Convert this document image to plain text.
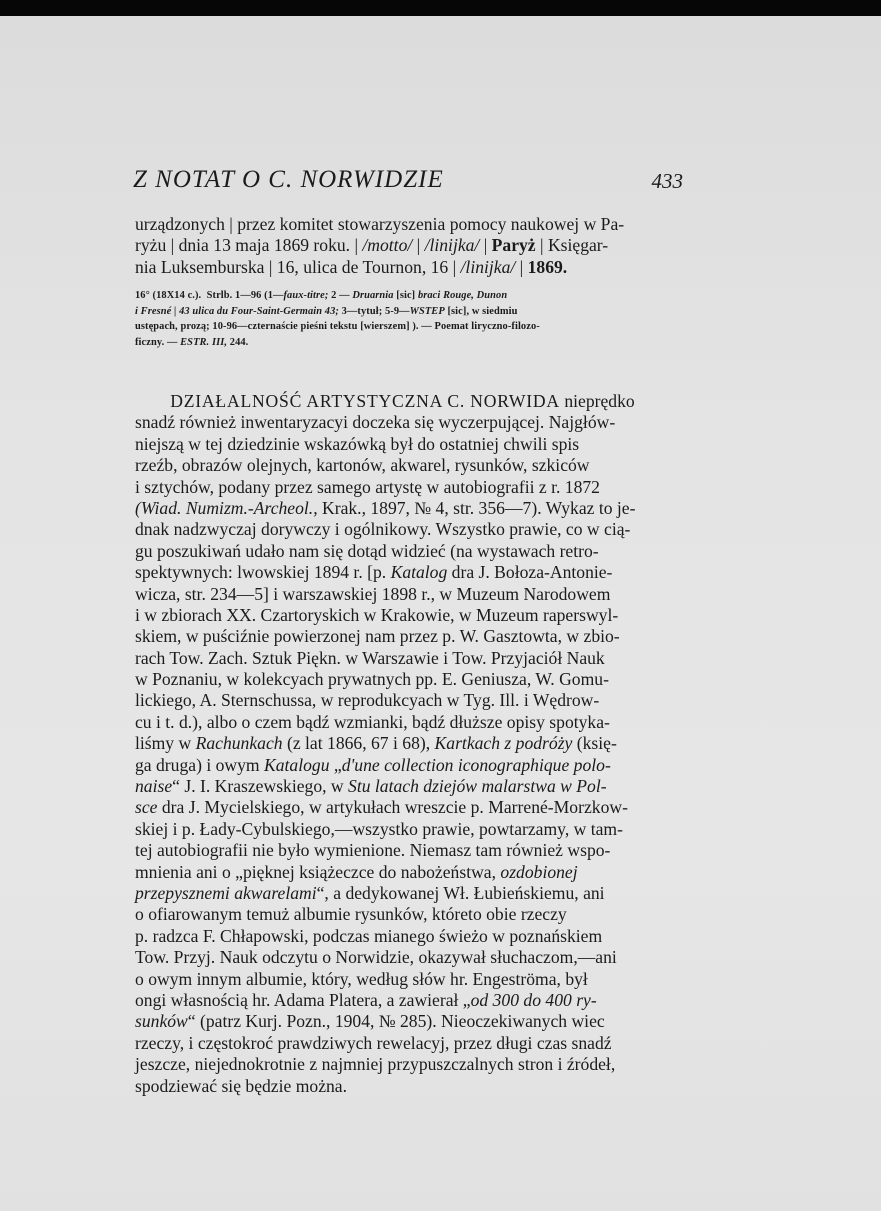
Z NOTAT O C. NORWIDZIE	433
urządzonych | przez komitet stowarzyszenia pomocy naukowej w Pa-
ryżu | dnia 13 maja 1869 roku. | /motto/ | /linijka/ | Paryż | Księgar-
nia Luksemburska | 16, ulica de Tournon, 16 | /linijka/ | 1869.
16° (18X14 c.).  Strlb. 1—96 (1—faux-titre; 2 — Druarnia [sic] braci Rouge, Dunon
i Fresné | 43 ulica du Four-Saint-Germain 43; 3—tytuł; 5-9—WSTEP [sic], w siedmiu
ustępach, prozą; 10-96—czternaście pieśni tekstu [wierszem] ). — Poemat liryczno-filozo-
ficzny. — ESTR. III, 244.
DZIAŁALNOŚĆ ARTYSTYCZNA C. NORWIDA nieprędko
snadź również inwentaryzacyi doczeka się wyczerpującej. Najgłów-
niejszą w tej dziedzinie wskazówką był do ostatniej chwili spis
rzeźb, obrazów olejnych, kartonów, akwarel, rysunków, szkiców
i sztychów, podany przez samego artystę w autobiografii z r. 1872
(Wiad. Numizm.-Archeol., Krak., 1897, № 4, str. 356—7). Wykaz to je-
dnak nadzwyczaj dorywczy i ogólnikowy. Wszystko prawie, co w cią-
gu poszukiwań udało nam się dotąd widzieć (na wystawach retro-
spektywnych: lwowskiej 1894 r. [p. Katalog dra J. Bołoza-Antonie-
wicza, str. 234—5] i warszawskiej 1898 r., w Muzeum Narodowem
i w zbiorach XX. Czartoryskich w Krakowie, w Muzeum raperswyl-
skiem, w puściźnie powierzonej nam przez p. W. Gasztowta, w zbio-
rach Tow. Zach. Sztuk Piękn. w Warszawie i Tow. Przyjaciół Nauk
w Poznaniu, w kolekcyach prywatnych pp. E. Geniusza, W. Gomu-
lickiego, A. Sternschussa, w reprodukcyach w Tyg. Ill. i Wędrow-
cu i t. d.), albo o czem bądź wzmianki, bądź dłuższe opisy spotyka-
liśmy w Rachunkach (z lat 1866, 67 i 68), Kartkach z podróży (księ-
ga druga) i owym Katalogu „d'une collection iconographique polo-
naise“ J. I. Kraszewskiego, w Stu latach dziejów malarstwa w Pol-
sce dra J. Mycielskiego, w artykułach wreszcie p. Marrené-Morzkow-
skiej i p. Łady-Cybulskiego,—wszystko prawie, powtarzamy, w tam-
tej autobiografii nie było wymienione. Niemasz tam również wspo-
mnienia ani o „pięknej książeczce do nabożeństwa, ozdobionej
przepysznemi akwarelami“, a dedykowanej Wł. Łubieńskiemu, ani
o ofiarowanym temuż albumie rysunków, któreto obie rzeczy
p. radzca F. Chłapowski, podczas mianego świeżo w poznańskiem
Tow. Przyj. Nauk odczytu o Norwidzie, okazywał słuchaczom,—ani
o owym innym albumie, który, według słów hr. Engeströma, był
ongi własnością hr. Adama Platera, a zawierał „od 300 do 400 ry-
sunków“ (patrz Kurj. Pozn., 1904, № 285). Nieoczekiwanych wiec
rzeczy, i częstokroć prawdziwych rewelacyj, przez długi czas snadź
jeszcze, niejednokrotnie z najmniej przypuszczalnych stron i źródeł,
spodziewać się będzie można.
